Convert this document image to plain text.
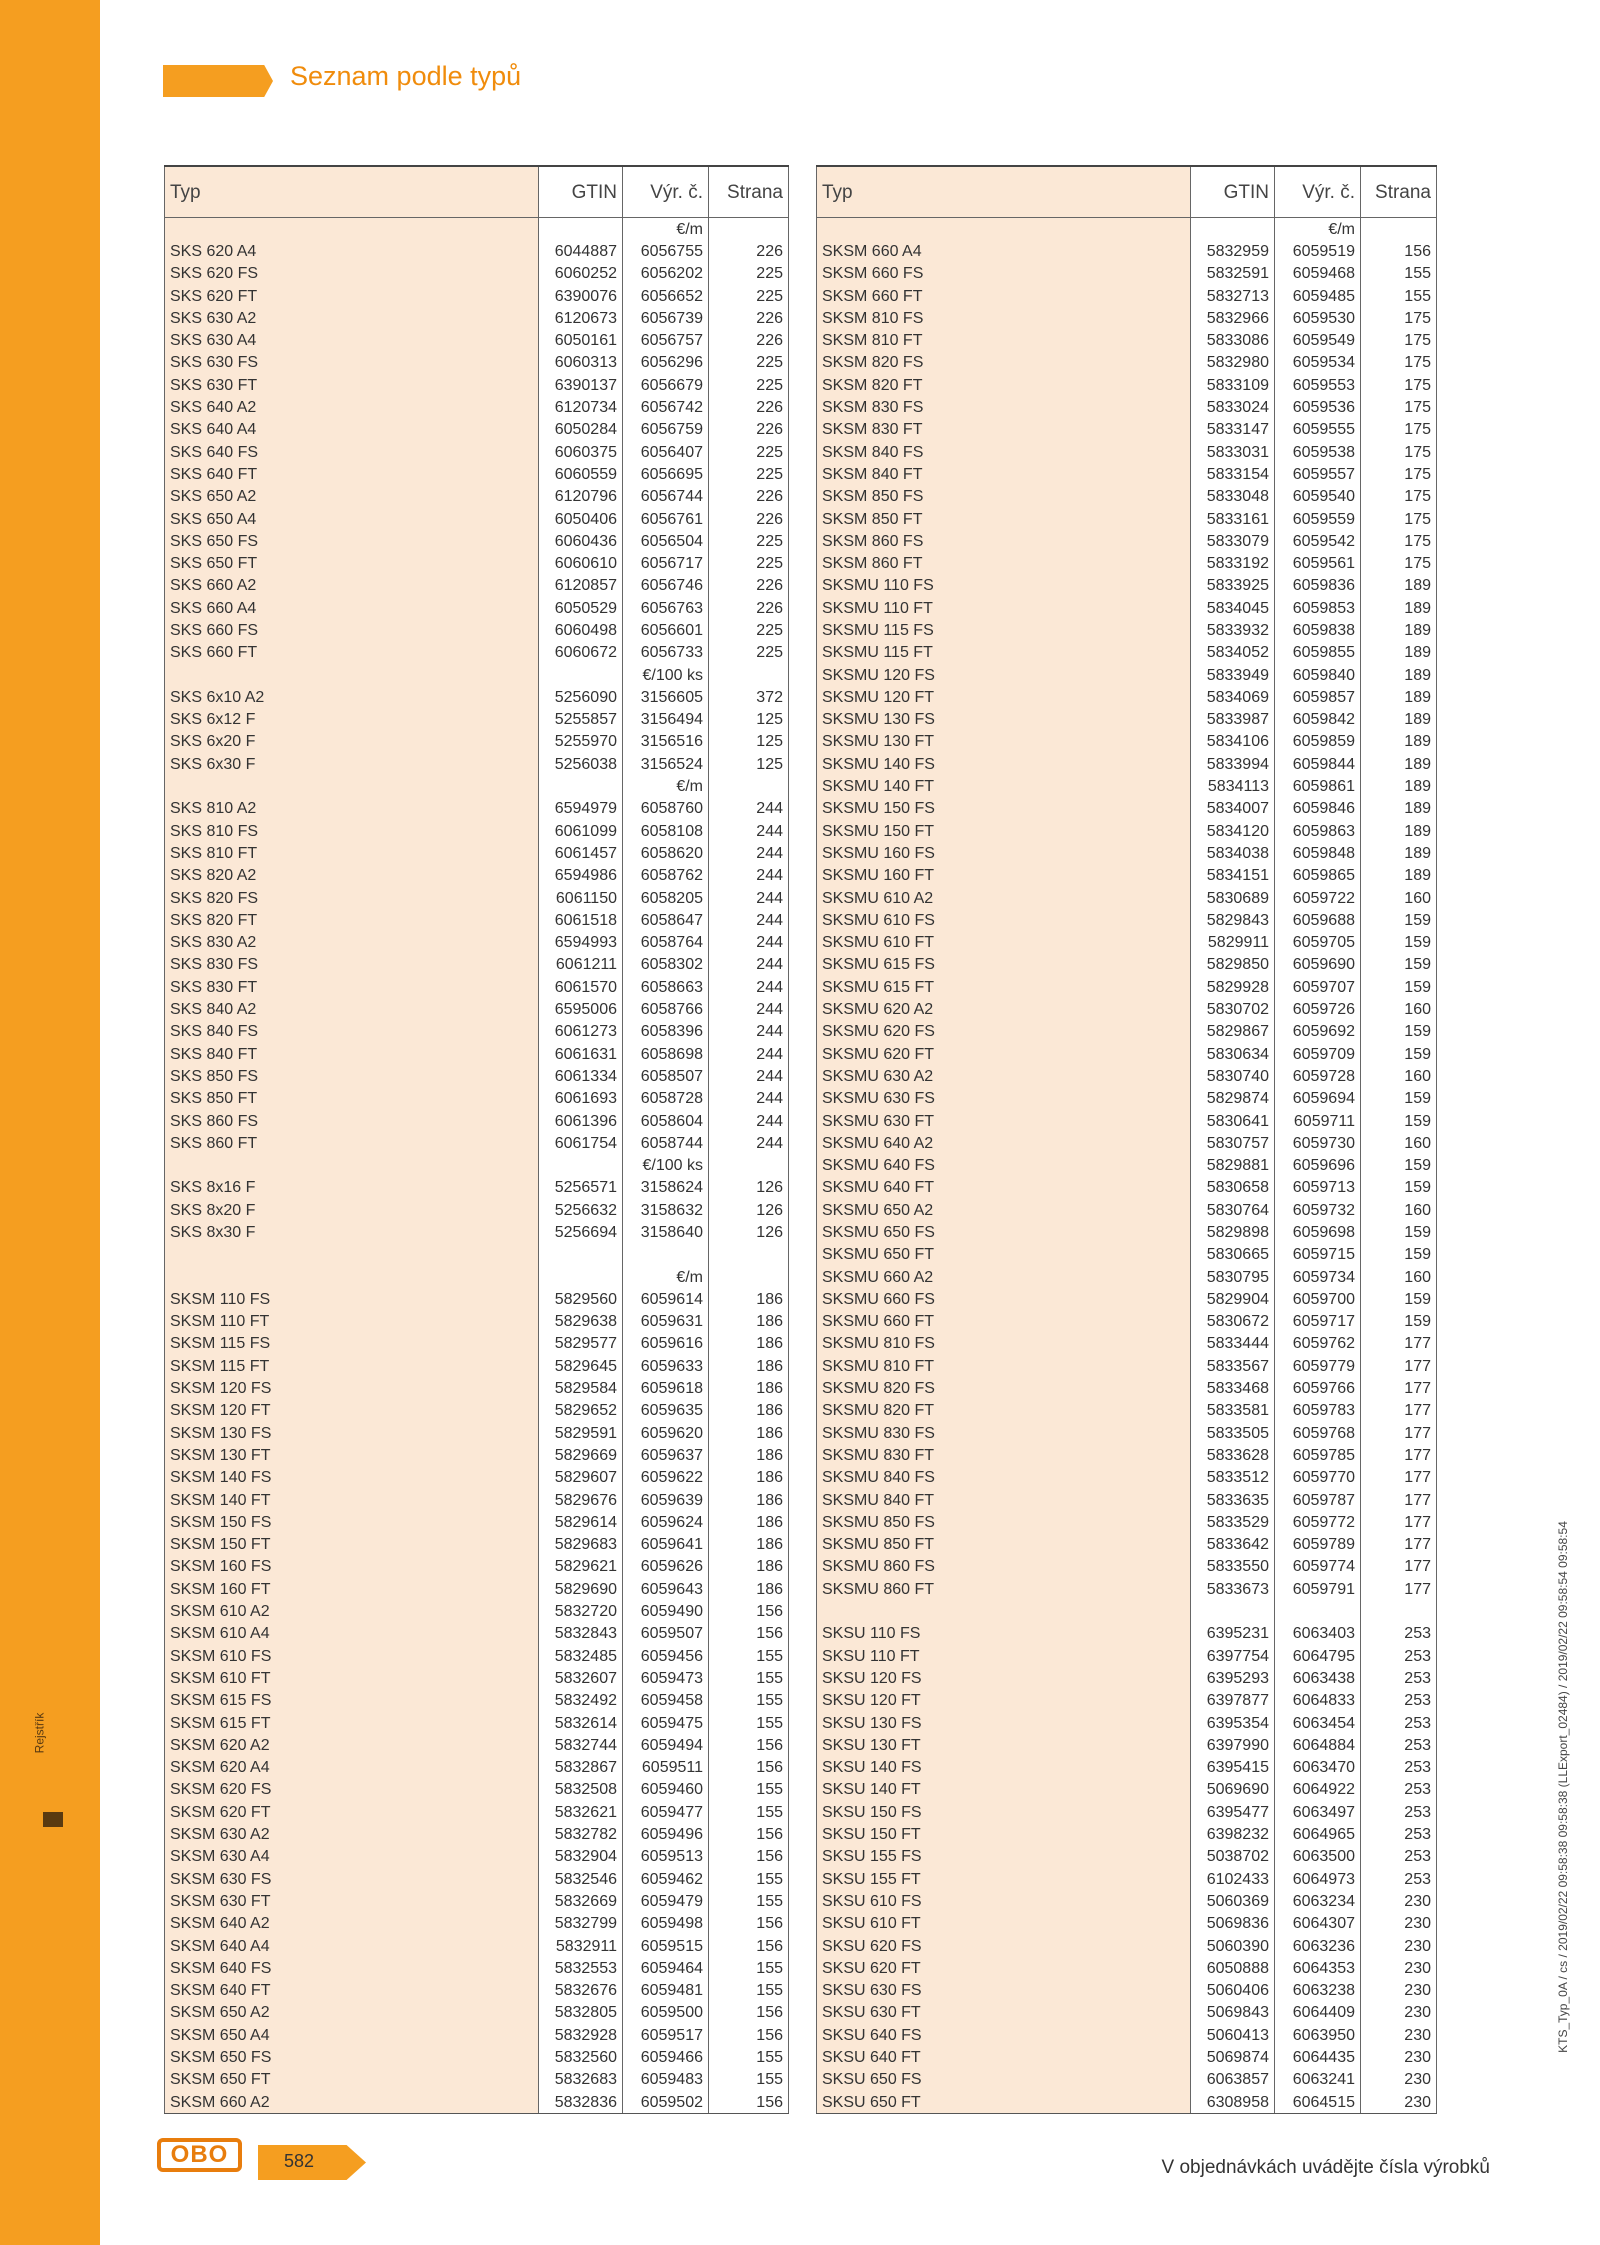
Rejstřík
Seznam podle typů
Typ	GTIN	Výr. č.	Strana
		€/m	
SKS 620 A4	6044887	6056755	226
SKS 620 FS	6060252	6056202	225
SKS 620 FT	6390076	6056652	225
SKS 630 A2	6120673	6056739	226
SKS 630 A4	6050161	6056757	226
SKS 630 FS	6060313	6056296	225
SKS 630 FT	6390137	6056679	225
SKS 640 A2	6120734	6056742	226
SKS 640 A4	6050284	6056759	226
SKS 640 FS	6060375	6056407	225
SKS 640 FT	6060559	6056695	225
SKS 650 A2	6120796	6056744	226
SKS 650 A4	6050406	6056761	226
SKS 650 FS	6060436	6056504	225
SKS 650 FT	6060610	6056717	225
SKS 660 A2	6120857	6056746	226
SKS 660 A4	6050529	6056763	226
SKS 660 FS	6060498	6056601	225
SKS 660 FT	6060672	6056733	225
		€/100 ks	
SKS 6x10 A2	5256090	3156605	372
SKS 6x12 F	5255857	3156494	125
SKS 6x20 F	5255970	3156516	125
SKS 6x30 F	5256038	3156524	125
		€/m	
SKS 810 A2	6594979	6058760	244
SKS 810 FS	6061099	6058108	244
SKS 810 FT	6061457	6058620	244
SKS 820 A2	6594986	6058762	244
SKS 820 FS	6061150	6058205	244
SKS 820 FT	6061518	6058647	244
SKS 830 A2	6594993	6058764	244
SKS 830 FS	6061211	6058302	244
SKS 830 FT	6061570	6058663	244
SKS 840 A2	6595006	6058766	244
SKS 840 FS	6061273	6058396	244
SKS 840 FT	6061631	6058698	244
SKS 850 FS	6061334	6058507	244
SKS 850 FT	6061693	6058728	244
SKS 860 FS	6061396	6058604	244
SKS 860 FT	6061754	6058744	244
		€/100 ks	
SKS 8x16 F	5256571	3158624	126
SKS 8x20 F	5256632	3158632	126
SKS 8x30 F	5256694	3158640	126

		€/m	
SKSM 110 FS	5829560	6059614	186
SKSM 110 FT	5829638	6059631	186
SKSM 115 FS	5829577	6059616	186
SKSM 115 FT	5829645	6059633	186
SKSM 120 FS	5829584	6059618	186
SKSM 120 FT	5829652	6059635	186
SKSM 130 FS	5829591	6059620	186
SKSM 130 FT	5829669	6059637	186
SKSM 140 FS	5829607	6059622	186
SKSM 140 FT	5829676	6059639	186
SKSM 150 FS	5829614	6059624	186
SKSM 150 FT	5829683	6059641	186
SKSM 160 FS	5829621	6059626	186
SKSM 160 FT	5829690	6059643	186
SKSM 610 A2	5832720	6059490	156
SKSM 610 A4	5832843	6059507	156
SKSM 610 FS	5832485	6059456	155
SKSM 610 FT	5832607	6059473	155
SKSM 615 FS	5832492	6059458	155
SKSM 615 FT	5832614	6059475	155
SKSM 620 A2	5832744	6059494	156
SKSM 620 A4	5832867	6059511	156
SKSM 620 FS	5832508	6059460	155
SKSM 620 FT	5832621	6059477	155
SKSM 630 A2	5832782	6059496	156
SKSM 630 A4	5832904	6059513	156
SKSM 630 FS	5832546	6059462	155
SKSM 630 FT	5832669	6059479	155
SKSM 640 A2	5832799	6059498	156
SKSM 640 A4	5832911	6059515	156
SKSM 640 FS	5832553	6059464	155
SKSM 640 FT	5832676	6059481	155
SKSM 650 A2	5832805	6059500	156
SKSM 650 A4	5832928	6059517	156
SKSM 650 FS	5832560	6059466	155
SKSM 650 FT	5832683	6059483	155
SKSM 660 A2	5832836	6059502	156
Typ	GTIN	Výr. č.	Strana
		€/m	
SKSM 660 A4	5832959	6059519	156
SKSM 660 FS	5832591	6059468	155
SKSM 660 FT	5832713	6059485	155
SKSM 810 FS	5832966	6059530	175
SKSM 810 FT	5833086	6059549	175
SKSM 820 FS	5832980	6059534	175
SKSM 820 FT	5833109	6059553	175
SKSM 830 FS	5833024	6059536	175
SKSM 830 FT	5833147	6059555	175
SKSM 840 FS	5833031	6059538	175
SKSM 840 FT	5833154	6059557	175
SKSM 850 FS	5833048	6059540	175
SKSM 850 FT	5833161	6059559	175
SKSM 860 FS	5833079	6059542	175
SKSM 860 FT	5833192	6059561	175
SKSMU 110 FS	5833925	6059836	189
SKSMU 110 FT	5834045	6059853	189
SKSMU 115 FS	5833932	6059838	189
SKSMU 115 FT	5834052	6059855	189
SKSMU 120 FS	5833949	6059840	189
SKSMU 120 FT	5834069	6059857	189
SKSMU 130 FS	5833987	6059842	189
SKSMU 130 FT	5834106	6059859	189
SKSMU 140 FS	5833994	6059844	189
SKSMU 140 FT	5834113	6059861	189
SKSMU 150 FS	5834007	6059846	189
SKSMU 150 FT	5834120	6059863	189
SKSMU 160 FS	5834038	6059848	189
SKSMU 160 FT	5834151	6059865	189
SKSMU 610 A2	5830689	6059722	160
SKSMU 610 FS	5829843	6059688	159
SKSMU 610 FT	5829911	6059705	159
SKSMU 615 FS	5829850	6059690	159
SKSMU 615 FT	5829928	6059707	159
SKSMU 620 A2	5830702	6059726	160
SKSMU 620 FS	5829867	6059692	159
SKSMU 620 FT	5830634	6059709	159
SKSMU 630 A2	5830740	6059728	160
SKSMU 630 FS	5829874	6059694	159
SKSMU 630 FT	5830641	6059711	159
SKSMU 640 A2	5830757	6059730	160
SKSMU 640 FS	5829881	6059696	159
SKSMU 640 FT	5830658	6059713	159
SKSMU 650 A2	5830764	6059732	160
SKSMU 650 FS	5829898	6059698	159
SKSMU 650 FT	5830665	6059715	159
SKSMU 660 A2	5830795	6059734	160
SKSMU 660 FS	5829904	6059700	159
SKSMU 660 FT	5830672	6059717	159
SKSMU 810 FS	5833444	6059762	177
SKSMU 810 FT	5833567	6059779	177
SKSMU 820 FS	5833468	6059766	177
SKSMU 820 FT	5833581	6059783	177
SKSMU 830 FS	5833505	6059768	177
SKSMU 830 FT	5833628	6059785	177
SKSMU 840 FS	5833512	6059770	177
SKSMU 840 FT	5833635	6059787	177
SKSMU 850 FS	5833529	6059772	177
SKSMU 850 FT	5833642	6059789	177
SKSMU 860 FS	5833550	6059774	177
SKSMU 860 FT	5833673	6059791	177

SKSU 110 FS	6395231	6063403	253
SKSU 110 FT	6397754	6064795	253
SKSU 120 FS	6395293	6063438	253
SKSU 120 FT	6397877	6064833	253
SKSU 130 FS	6395354	6063454	253
SKSU 130 FT	6397990	6064884	253
SKSU 140 FS	6395415	6063470	253
SKSU 140 FT	5069690	6064922	253
SKSU 150 FS	6395477	6063497	253
SKSU 150 FT	6398232	6064965	253
SKSU 155 FS	5038702	6063500	253
SKSU 155 FT	6102433	6064973	253
SKSU 610 FS	5060369	6063234	230
SKSU 610 FT	5069836	6064307	230
SKSU 620 FS	5060390	6063236	230
SKSU 620 FT	6050888	6064353	230
SKSU 630 FS	5060406	6063238	230
SKSU 630 FT	5069843	6064409	230
SKSU 640 FS	5060413	6063950	230
SKSU 640 FT	5069874	6064435	230
SKSU 650 FS	6063857	6063241	230
SKSU 650 FT	6308958	6064515	230
OBO	582	V objednávkách uvádějte čísla výrobků
KTS_Typ_0A / cs / 2019/02/22 09:58:38 09:58:38 (LLExport_02484) / 2019/02/22 09:58:54 09:58:54
